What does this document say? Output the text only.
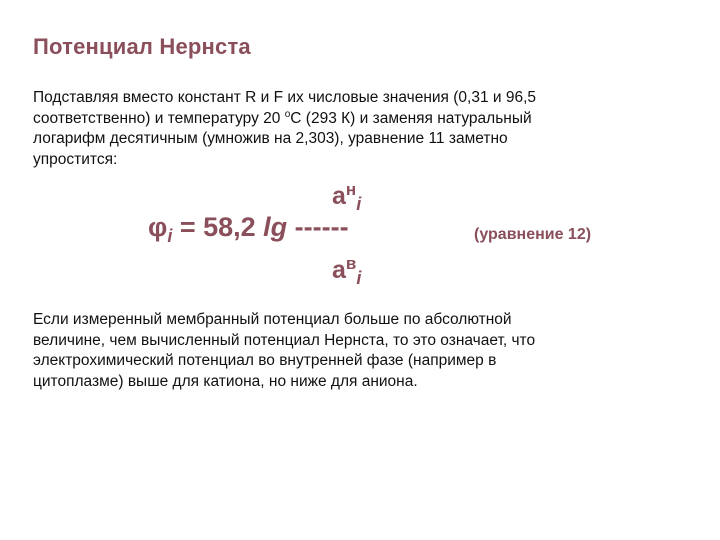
Потенциал Нернста
Подставляя вместо констант R и F их числовые значения (0,31 и 96,5
соответственно) и температуру 20 $^o$С (293 К) и заменяя натуральный
логарифм десятичным (умножив на 2,303), уравнение 11 заметно
упростится:
$а^н_i$
$\varphi_i = 58,2$ lg ------
$а^в_i$
(уравнение 12)
Если измеренный мембранный потенциал больше по абсолютной
величине, чем вычисленный потенциал Нернста, то это означает, что
электрохимический потенциал во внутренней фазе (например в
цитоплазме) выше для катиона, но ниже для аниона.
